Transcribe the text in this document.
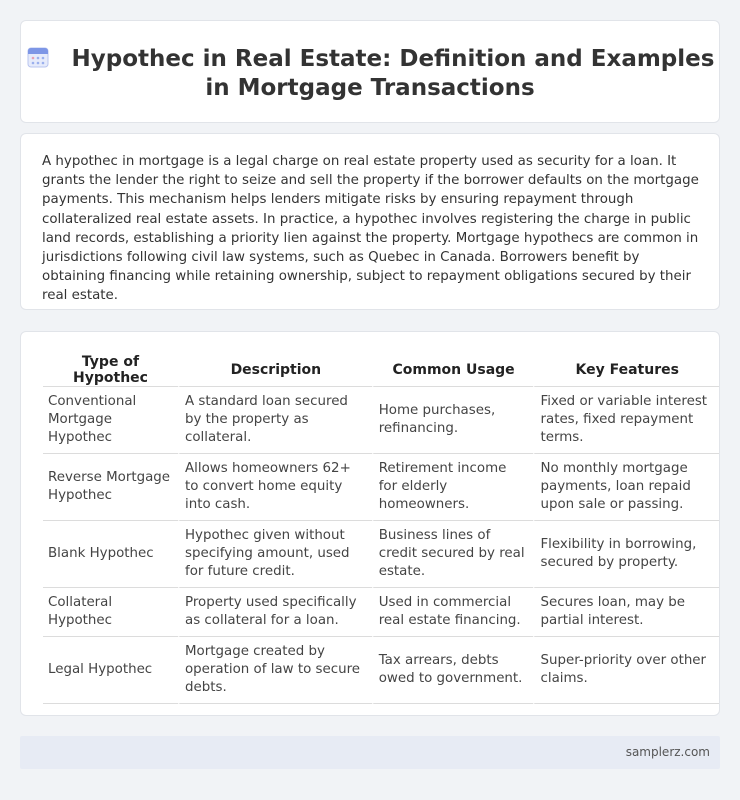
Hypothec in Real Estate: Definition and Examples in Mortgage Transactions

A hypothec in mortgage is a legal charge on real estate property used as security for a loan. It grants the lender the right to seize and sell the property if the borrower defaults on the mortgage payments. This mechanism helps lenders mitigate risks by ensuring repayment through collateralized real estate assets. In practice, a hypothec involves registering the charge in public land records, establishing a priority lien against the property. Mortgage hypothecs are common in jurisdictions following civil law systems, such as Quebec in Canada. Borrowers benefit by obtaining financing while retaining ownership, subject to repayment obligations secured by their real estate.

Type of Hypothec	Description	Common Usage	Key Features
Conventional Mortgage Hypothec	A standard loan secured by the property as collateral.	Home purchases, refinancing.	Fixed or variable interest rates, fixed repayment terms.
Reverse Mortgage Hypothec	Allows homeowners 62+ to convert home equity into cash.	Retirement income for elderly homeowners.	No monthly mortgage payments, loan repaid upon sale or passing.
Blank Hypothec	Hypothec given without specifying amount, used for future credit.	Business lines of credit secured by real estate.	Flexibility in borrowing, secured by property.
Collateral Hypothec	Property used specifically as collateral for a loan.	Used in commercial real estate financing.	Secures loan, may be partial interest.
Legal Hypothec	Mortgage created by operation of law to secure debts.	Tax arrears, debts owed to government.	Super-priority over other claims.
samplerz.com
